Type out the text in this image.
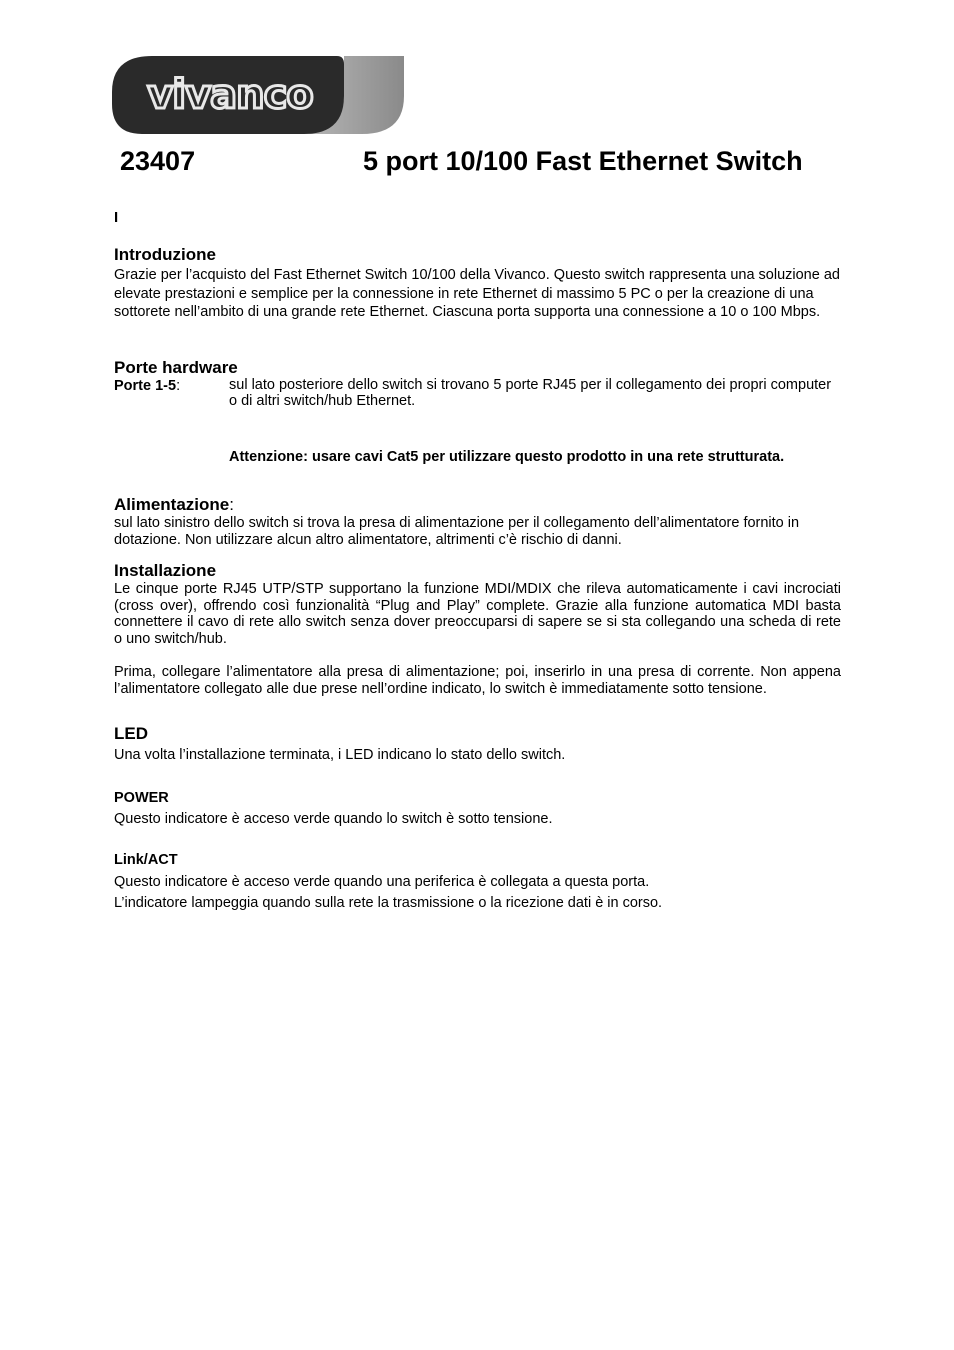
vivanco
23407	5 port 10/100 Fast Ethernet Switch
I

Introduzione

Grazie per l’acquisto del Fast Ethernet Switch 10/100 della Vivanco. Questo switch rappresenta una soluzione ad elevate prestazioni e semplice per la connessione in rete Ethernet di massimo 5 PC o per la creazione di una sottorete nell’ambito di una grande rete Ethernet. Ciascuna porta supporta una connessione a 10 o 100 Mbps.

Porte hardware

Porte 1-5:	sul lato posteriore dello switch si trovano 5 porte RJ45 per il collegamento dei propri computer o di altri switch/hub Ethernet.
Attenzione: usare cavi Cat5 per utilizzare questo prodotto in una rete strutturata.

Alimentazione:

sul lato sinistro dello switch si trova la presa di alimentazione per il collegamento dell’alimentatore fornito in dotazione. Non utilizzare alcun altro alimentatore, altrimenti c’è rischio di danni.

Installazione

Le cinque porte RJ45 UTP/STP supportano la funzione MDI/MDIX che rileva automaticamente i cavi incrociati (cross over), offrendo così funzionalità “Plug and Play” complete. Grazie alla funzione automatica MDI basta connettere il cavo di rete allo switch senza dover preoccuparsi di sapere se si sta collegando una scheda di rete o uno switch/hub.

Prima, collegare l’alimentatore alla presa di alimentazione; poi, inserirlo in una presa di corrente. Non appena l’alimentatore collegato alle due prese nell’ordine indicato, lo switch è immediatamente sotto tensione.

LED

Una volta l’installazione terminata, i LED indicano lo stato dello switch.

POWER

Questo indicatore è acceso verde quando lo switch è sotto tensione.

Link/ACT

Questo indicatore è acceso verde quando una periferica è collegata a questa porta.

L’indicatore lampeggia quando sulla rete la trasmissione o la ricezione dati è in corso.
